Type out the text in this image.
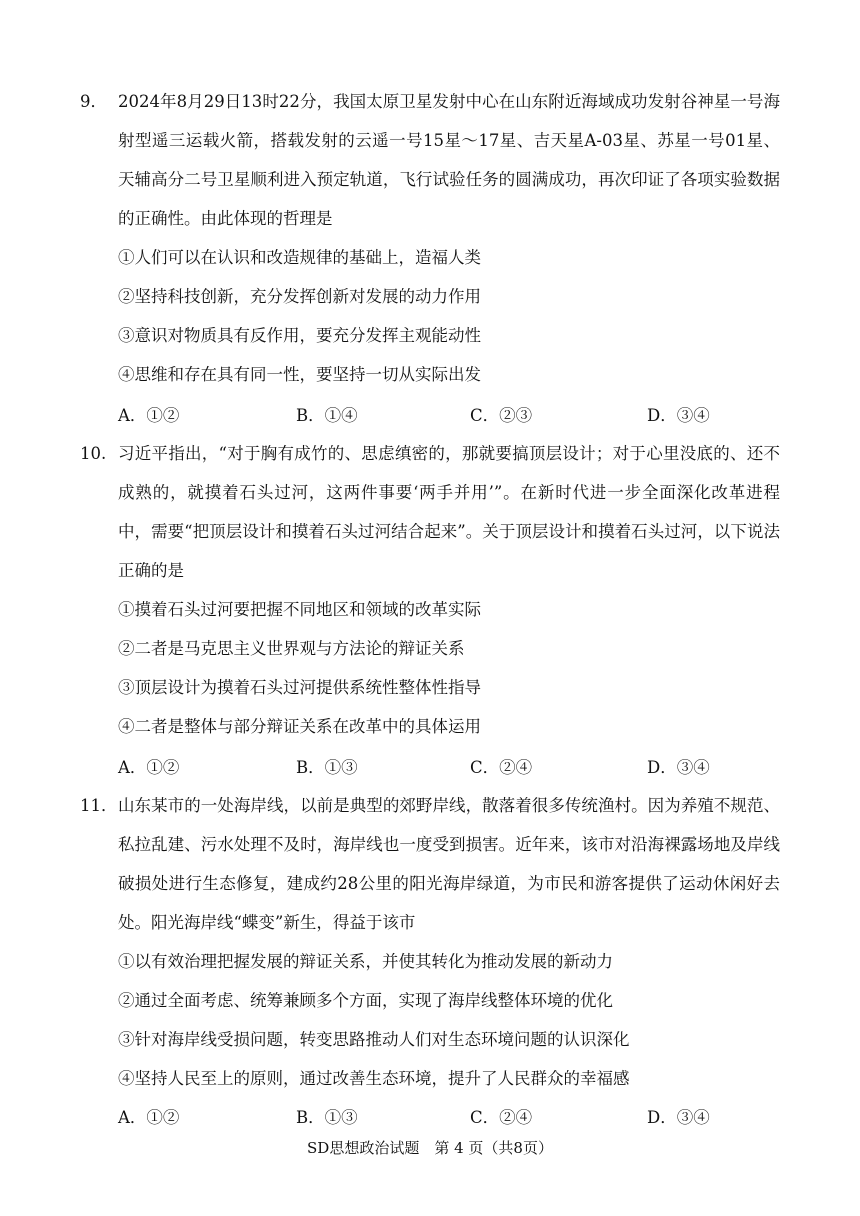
9． 2024年8月29日13时22分，我国太原卫星发射中心在山东附近海域成功发射谷神星一号海射型遥三运载火箭，搭载发射的云遥一号15星～17星、吉天星A-03星、苏星一号01星、天辅高分二号卫星顺利进入预定轨道，飞行试验任务的圆满成功，再次印证了各项实验数据的正确性。由此体现的哲理是
①人们可以在认识和改造规律的基础上，造福人类
②坚持科技创新，充分发挥创新对发展的动力作用
③意识对物质具有反作用，要充分发挥主观能动性
④思维和存在具有同一性，要坚持一切从实际出发
A．①②	B．①④	C．②③	D．③④
10. 习近平指出，“对于胸有成竹的、思虑缜密的，那就要搞顶层设计；对于心里没底的、还不成熟的，就摸着石头过河，这两件事要‘两手并用’”。在新时代进一步全面深化改革进程中，需要“把顶层设计和摸着石头过河结合起来”。关于顶层设计和摸着石头过河，以下说法正确的是
①摸着石头过河要把握不同地区和领域的改革实际
②二者是马克思主义世界观与方法论的辩证关系
③顶层设计为摸着石头过河提供系统性整体性指导
④二者是整体与部分辩证关系在改革中的具体运用
A．①②	B．①③	C．②④	D．③④
11． 山东某市的一处海岸线，以前是典型的郊野岸线，散落着很多传统渔村。因为养殖不规范、私拉乱建、污水处理不及时，海岸线也一度受到损害。近年来，该市对沿海裸露场地及岸线破损处进行生态修复，建成约28公里的阳光海岸绿道，为市民和游客提供了运动休闲好去处。阳光海岸线“蝶变”新生，得益于该市
①以有效治理把握发展的辩证关系，并使其转化为推动发展的新动力
②通过全面考虑、统筹兼顾多个方面，实现了海岸线整体环境的优化
③针对海岸线受损问题，转变思路推动人们对生态环境问题的认识深化
④坚持人民至上的原则，通过改善生态环境，提升了人民群众的幸福感
A．①②	B．①③	C．②④	D．③④
SD思想政治试题　第 4 页（共8页）
